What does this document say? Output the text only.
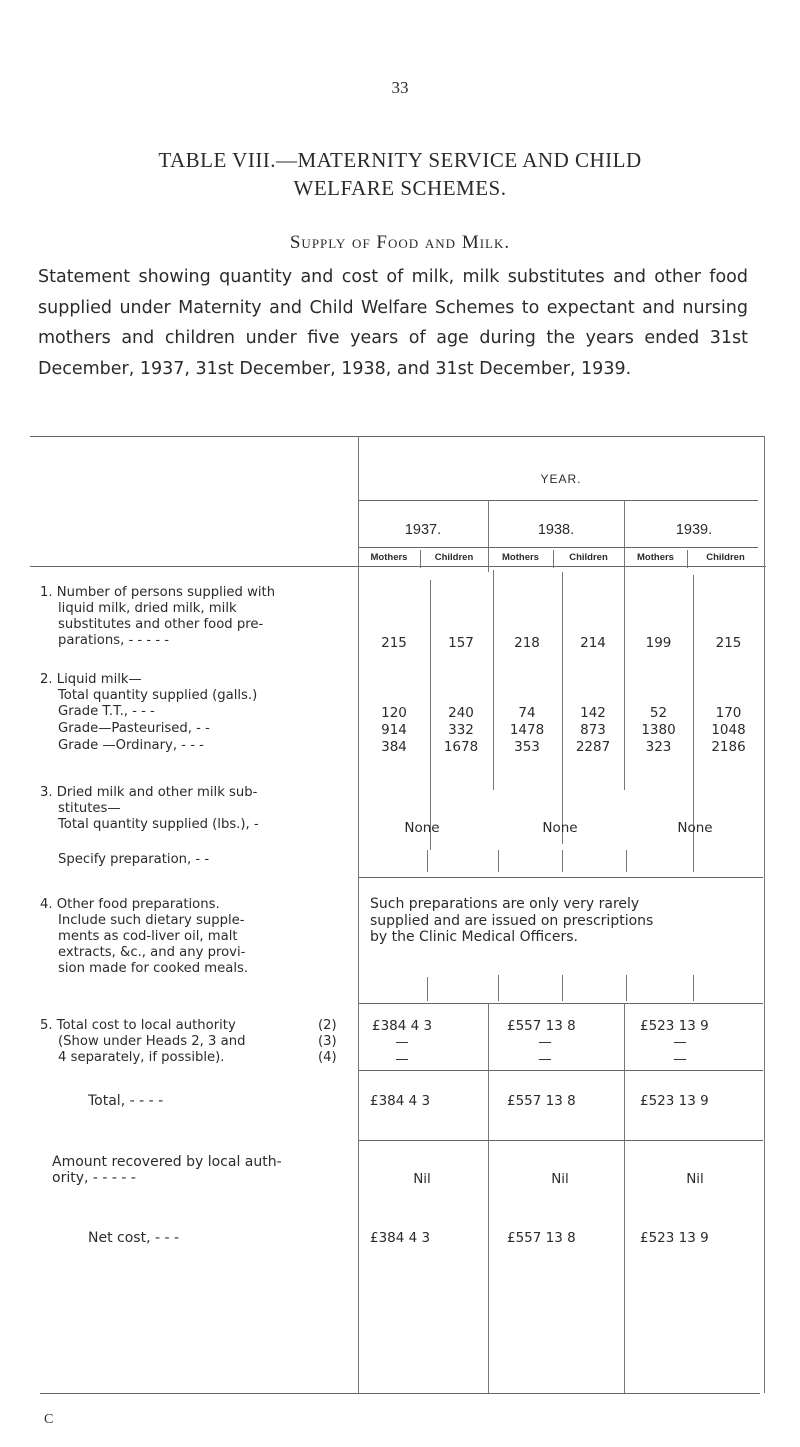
33
TABLE VIII.—MATERNITY SERVICE AND CHILD
WELFARE SCHEMES.
Supply of Food and Milk.
Statement showing quantity and cost of milk, milk substitutes and other food supplied under Maternity and Child Welfare Schemes to expectant and nursing mothers and children under five years of age during the years ended 31st December, 1937, 31st December, 1938, and 31st December, 1939.
YEAR.
1937.	1938.	1939.
Mothers	Children	Mothers	Children	Mothers	Children
1. Number of persons supplied with
liquid milk, dried milk, milk
substitutes and other food pre-
parations, - - - - -	215	157	218	214	199	215
2. Liquid milk—
Total quantity supplied (galls.)
Grade T.T., - - -
Grade—Pasteurised, - -
Grade —Ordinary, - - -
120	240	74	142	52	170
914	332	1478	873	1380	1048
384	1678	353	2287	323	2186
3. Dried milk and other milk sub-
stitutes—
Total quantity supplied (lbs.), -	None	None	None
Specify preparation, - -
4. Other food preparations.
Include such dietary supple-
ments as cod-liver oil, malt
extracts, &c., and any provi-
sion made for cooked meals.
Such preparations are only very rarely
supplied and are issued on prescriptions
by the Clinic Medical Officers.
5. Total cost to local authority
(Show under Heads 2, 3 and
4 separately, if possible).
(2)
(3)
(4)
£384 4 3	£557 13 8	£523 13 9
—	—	—
—	—	—
Total, - - - -	£384 4 3	£557 13 8	£523 13 9
Amount recovered by local auth-
ority, - - - - -	Nil	Nil	Nil
Net cost, - - -	£384 4 3	£557 13 8	£523 13 9
C
